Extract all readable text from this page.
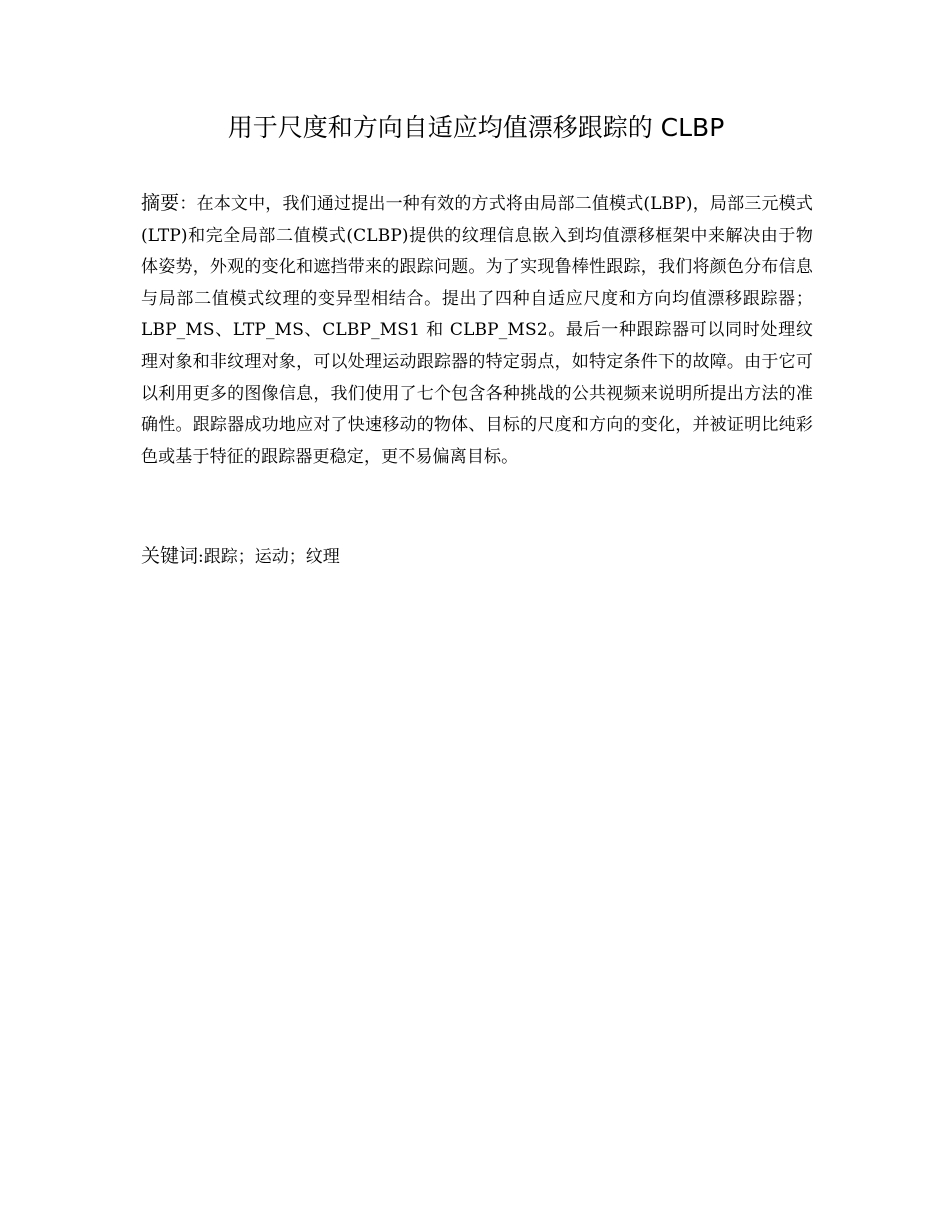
用于尺度和方向自适应均值漂移跟踪的 CLBP

摘要：在本文中，我们通过提出一种有效的方式将由局部二值模式(LBP)，局部三元模式(LTP)和完全局部二值模式(CLBP)提供的纹理信息嵌入到均值漂移框架中来解决由于物体姿势，外观的变化和遮挡带来的跟踪问题。为了实现鲁棒性跟踪，我们将颜色分布信息与局部二值模式纹理的变异型相结合。提出了四种自适应尺度和方向均值漂移跟踪器；LBP_MS、LTP_MS、CLBP_MS1 和 CLBP_MS2。最后一种跟踪器可以同时处理纹理对象和非纹理对象，可以处理运动跟踪器的特定弱点，如特定条件下的故障。由于它可以利用更多的图像信息，我们使用了七个包含各种挑战的公共视频来说明所提出方法的准确性。跟踪器成功地应对了快速移动的物体、目标的尺度和方向的变化，并被证明比纯彩色或基于特征的跟踪器更稳定，更不易偏离目标。

关键词:跟踪；运动；纹理
